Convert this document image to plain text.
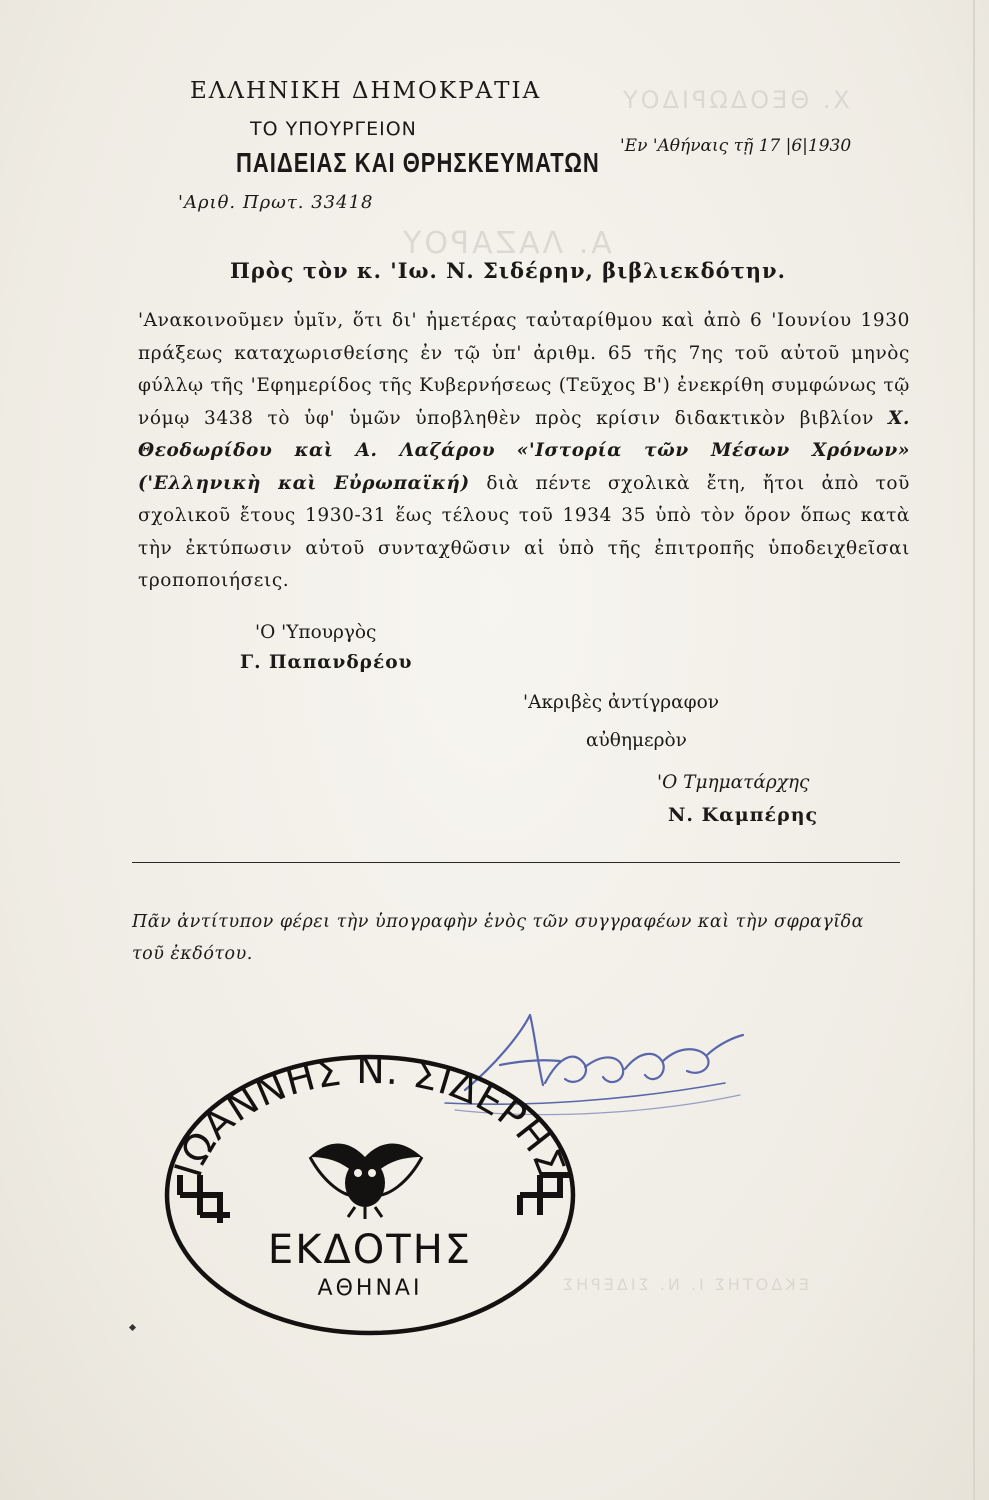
Χ. ΘΕΟΔΩΡΙΔΟΥ
Α. ΛΑΖΑΡΟΥ
ΕΚΔΟΤΗΣ Ι. Ν. ΣΙΔΕΡΗΣ
ΕΛΛΗΝΙΚΗ ΔΗΜΟΚΡΑΤΙΑ
ΤΟ ΥΠΟΥΡΓΕΙΟΝ
ΠΑΙΔΕΙΑΣ ΚΑΙ ΘΡΗΣΚΕΥΜΑΤΩΝ
'Αριθ. Πρωτ. 33418
'Εν 'Αθήναις τῇ 17 |6|1930
Πρὸς τὸν κ. 'Ιω. Ν. Σιδέρην, βιβλιεκδότην.
'Ανακοινοῦμεν ὑμῖν, ὅτι δι' ἡμετέρας ταὐταρίθμου καὶ ἀπὸ 6 'Ιουνίου 1930 πράξεως καταχωρισθείσης ἐν τῷ ὑπ' ἀριθμ. 65 τῆς 7ης τοῦ αὐτοῦ μηνὸς φύλλῳ τῆς 'Εφημερίδος τῆς Κυβερνήσεως (Τεῦχος Β') ἐνεκρίθη συμφώνως τῷ νόμῳ 3438 τὸ ὑφ' ὑμῶν ὑποβληθὲν πρὸς κρίσιν διδακτικὸν βιβλίον Χ. Θεοδωρίδου καὶ Α. Λαζάρου «'Ιστορία τῶν Μέσων Χρόνων» ('Ελληνικὴ καὶ Εὐρωπαϊκή) διὰ πέντε σχολικὰ ἔτη, ἤτοι ἀπὸ τοῦ σχολικοῦ ἔτους 1930-31 ἕως τέλους τοῦ 1934 35 ὑπὸ τὸν ὅρον ὅπως κατὰ τὴν ἐκτύπωσιν αὐτοῦ συνταχθῶσιν αἱ ὑπὸ τῆς ἐπιτροπῆς ὑποδειχθεῖσαι τροποποιήσεις.
'Ο 'Υπουργὸς
Γ. Παπανδρέου
'Ακριβὲς ἀντίγραφον
αὐθημερὸν
'Ο Τμηματάρχης
Ν. Καμπέρης
Πᾶν ἀντίτυπον φέρει τὴν ὑπογραφὴν ἑνὸς τῶν συγγραφέων καὶ τὴν σφραγῖδα τοῦ ἐκδότου.
ΙΩΑΝΝΗΣ Ν. ΣΙΔΕΡΗΣ
ΕΚΔΟΤΗΣ
ΑΘΗΝΑΙ
